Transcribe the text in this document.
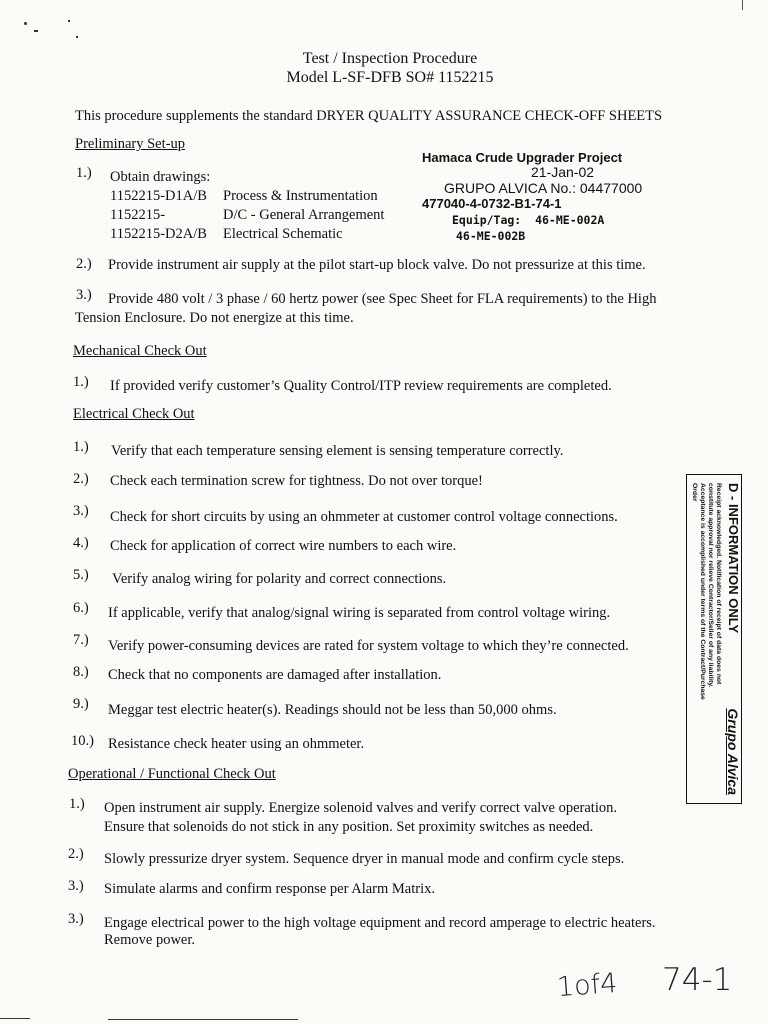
Test / Inspection Procedure
Model L-SF-DFB SO# 1152215
This procedure supplements the standard DRYER QUALITY ASSURANCE CHECK-OFF SHEETS
Preliminary Set-up
Hamaca Crude Upgrader Project
21-Jan-02
GRUPO ALVICA No.: 04477000
477040-4-0732-B1-74-1
Equip/Tag:  46-ME-002A
46-ME-002B
1.) Obtain drawings:
1152215-D1A/B Process & Instrumentation
1152215-	D/C - General Arrangement
1152215-D2A/B Electrical Schematic
2.) Provide instrument air supply at the pilot start-up block valve. Do not pressurize at this time.
3.) Provide 480 volt / 3 phase / 60 hertz power (see Spec Sheet for FLA requirements) to the High
Tension Enclosure. Do not energize at this time.
Mechanical Check Out
1.) If provided verify customer’s Quality Control/ITP review requirements are completed.
Electrical Check Out
1.) Verify that each temperature sensing element is sensing temperature correctly.
2.) Check each termination screw for tightness. Do not over torque!
3.) Check for short circuits by using an ohmmeter at customer control voltage connections.
4.) Check for application of correct wire numbers to each wire.
5.) Verify analog wiring for polarity and correct connections.
6.) If applicable, verify that analog/signal wiring is separated from control voltage wiring.
7.) Verify power-consuming devices are rated for system voltage to which they’re connected.
8.) Check that no components are damaged after installation.
9.) Meggar test electric heater(s). Readings should not be less than 50,000 ohms.
10.) Resistance check heater using an ohmmeter.
Operational / Functional Check Out
1.) Open instrument air supply. Energize solenoid valves and verify correct valve operation.
Ensure that solenoids do not stick in any position. Set proximity switches as needed.
2.) Slowly pressurize dryer system. Sequence dryer in manual mode and confirm cycle steps.
3.) Simulate alarms and confirm response per Alarm Matrix.
3.) Engage electrical power to the high voltage equipment and record amperage to electric heaters.
Remove power.
D - INFORMATION ONLY
Grupo Alvica
Receipt acknowledged. Notification of receipt of data does not constitute approval nor relieve Contractor/Seller of any liability. Acceptance is accomplished under terms of the Contract/Purchase Order
1of4 74-1
